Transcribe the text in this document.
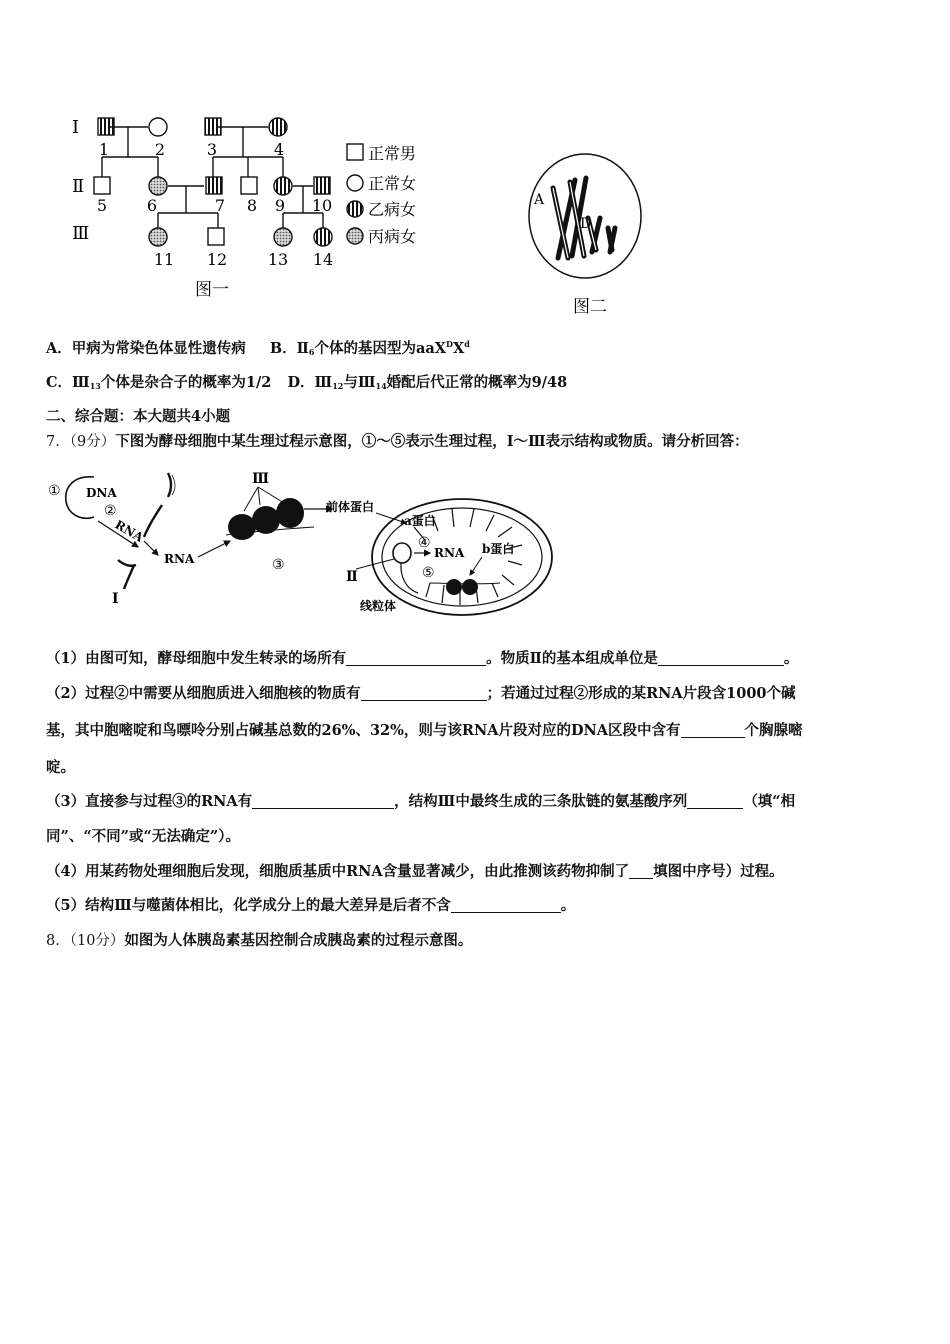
Ⅰ
Ⅱ
Ⅲ
1	2	3	4
5 6	7 8 9 10
11 12	13 14
正常男
正常女
乙病女
丙病女
图一
A
D
图二
A．甲病为常染色体显性遗传病 B．$Ⅱ_6$个体的基因型为$aaX^DX^d$
C．$Ⅲ_{13}$个体是杂合子的概率为1/2 D．$Ⅲ_{12}$与$Ⅲ_{14}$婚配后代正常的概率为9/48
二、综合题：本大题共4小题
7．（9分）下图为酵母细胞中某生理过程示意图，①～⑤表示生理过程，Ⅰ～Ⅲ表示结构或物质。请分析回答：
① DNA
②
RNA
Ⅰ
RNA
Ⅲ
③
前体蛋白
a蛋白
④
RNA b蛋白
⑤
Ⅱ
线粒体
（1）由图可知，酵母细胞中发生转录的场所有	。物质Ⅱ的基本组成单位是	。
（2）过程②中需要从细胞质进入细胞核的物质有	；若通过过程②形成的某RNA片段含1000个碱
基，其中胞嘧啶和鸟嘌呤分别占碱基总数的26%、32%，则与该RNA片段对应的DNA区段中含有	个胸腺嘧
啶。
（3）直接参与过程③的RNA有	，结构Ⅲ中最终生成的三条肽链的氨基酸序列	（填“相
同”、“不同”或“无法确定”）。
（4）用某药物处理细胞后发现，细胞质基质中RNA含量显著减少，由此推测该药物抑制了 填图中序号）过程。
（5）结构Ⅲ与噬菌体相比，化学成分上的最大差异是后者不含	。
8．（10分）如图为人体胰岛素基因控制合成胰岛素的过程示意图。
